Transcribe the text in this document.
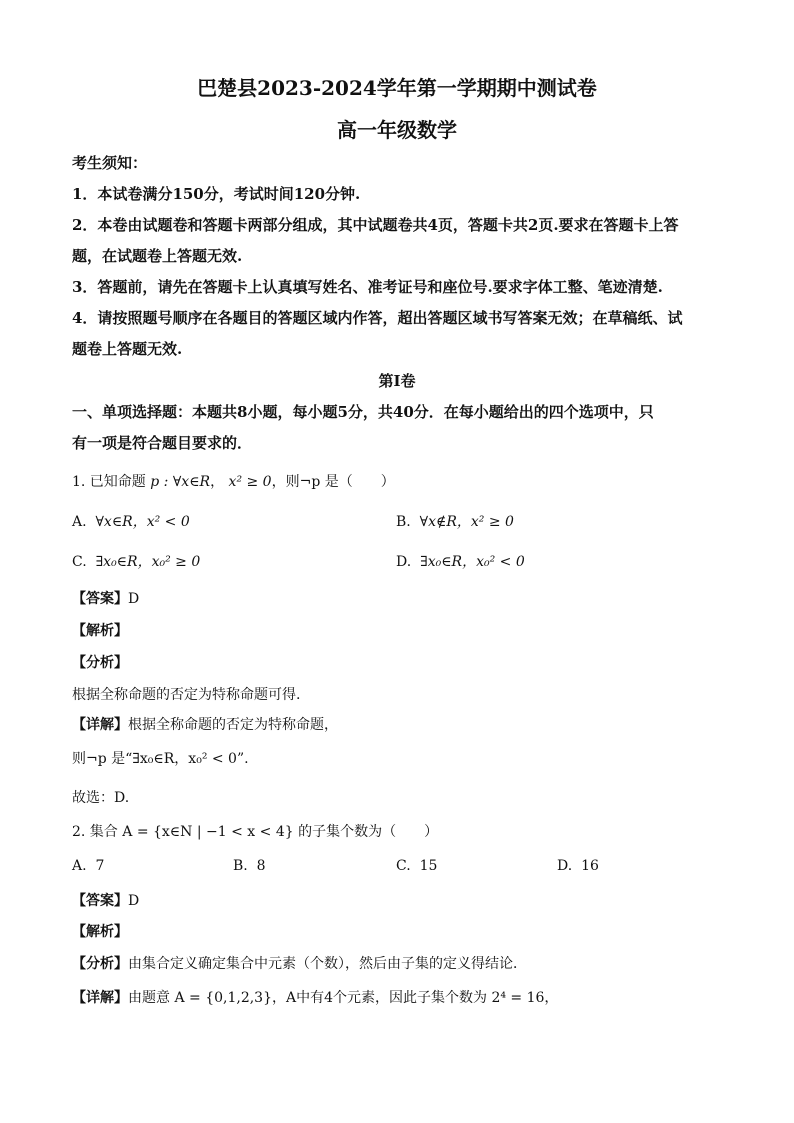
巴楚县2023-2024学年第一学期期中测试卷
高一年级数学
考生须知：
1．本试卷满分150分，考试时间120分钟.
2．本卷由试题卷和答题卡两部分组成，其中试题卷共4页，答题卡共2页.要求在答题卡上答
题，在试题卷上答题无效.
3．答题前，请先在答题卡上认真填写姓名、准考证号和座位号.要求字体工整、笔迹清楚.
4．请按照题号顺序在各题目的答题区域内作答，超出答题区域书写答案无效；在草稿纸、试
题卷上答题无效.
第I卷
一、单项选择题：本题共8小题，每小题5分，共40分．在每小题给出的四个选项中，只
有一项是符合题目要求的．
1. 已知命题 p : ∀x∈R， x² ≥ 0，则¬p 是（　　）
A. ∀x∈R，x² < 0	B. ∀x∉R，x² ≥ 0
C. ∃x₀∈R，x₀² ≥ 0	D. ∃x₀∈R，x₀² < 0
【答案】D
【解析】
【分析】
根据全称命题的否定为特称命题可得.
【详解】根据全称命题的否定为特称命题，
则¬p 是“∃x₀∈R，x₀² < 0”.
故选：D.
2. 集合 A = {x∈N | −1 < x < 4} 的子集个数为（　　）
A. 7	B. 8	C. 15	D. 16
【答案】D
【解析】
【分析】由集合定义确定集合中元素（个数），然后由子集的定义得结论．
【详解】由题意 A = {0,1,2,3}，A中有4个元素，因此子集个数为 2⁴ = 16，
